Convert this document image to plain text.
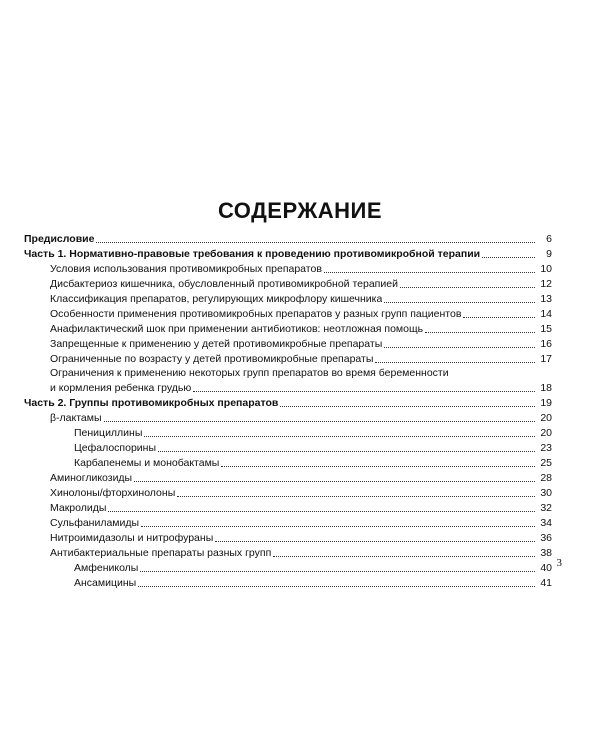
СОДЕРЖАНИЕ
Предисловие	6
Часть 1. Нормативно-правовые требования к проведению противомикробной терапии	9
Условия использования противомикробных препаратов	10
Дисбактериоз кишечника, обусловленный противомикробной терапией	12
Классификация препаратов, регулирующих микрофлору кишечника	13
Особенности применения противомикробных препаратов у разных групп пациентов	14
Анафилактический шок при применении антибиотиков: неотложная помощь	15
Запрещенные к применению у детей противомикробные препараты	16
Ограниченные по возрасту у детей противомикробные препараты	17
Ограничения к применению некоторых групп препаратов во время беременности
и кормления ребенка грудью	18
Часть 2. Группы противомикробных препаратов	19
β-лактамы	20
Пенициллины	20
Цефалоспорины	23
Карбапенемы и монобактамы	25
Аминогликозиды	28
Хинолоны/фторхинолоны	30
Макролиды	32
Сульфаниламиды	34
Нитроимидазолы и нитрофураны	36
Антибактериальные препараты разных групп	38
Амфениколы	40
Ансамицины	41
3
